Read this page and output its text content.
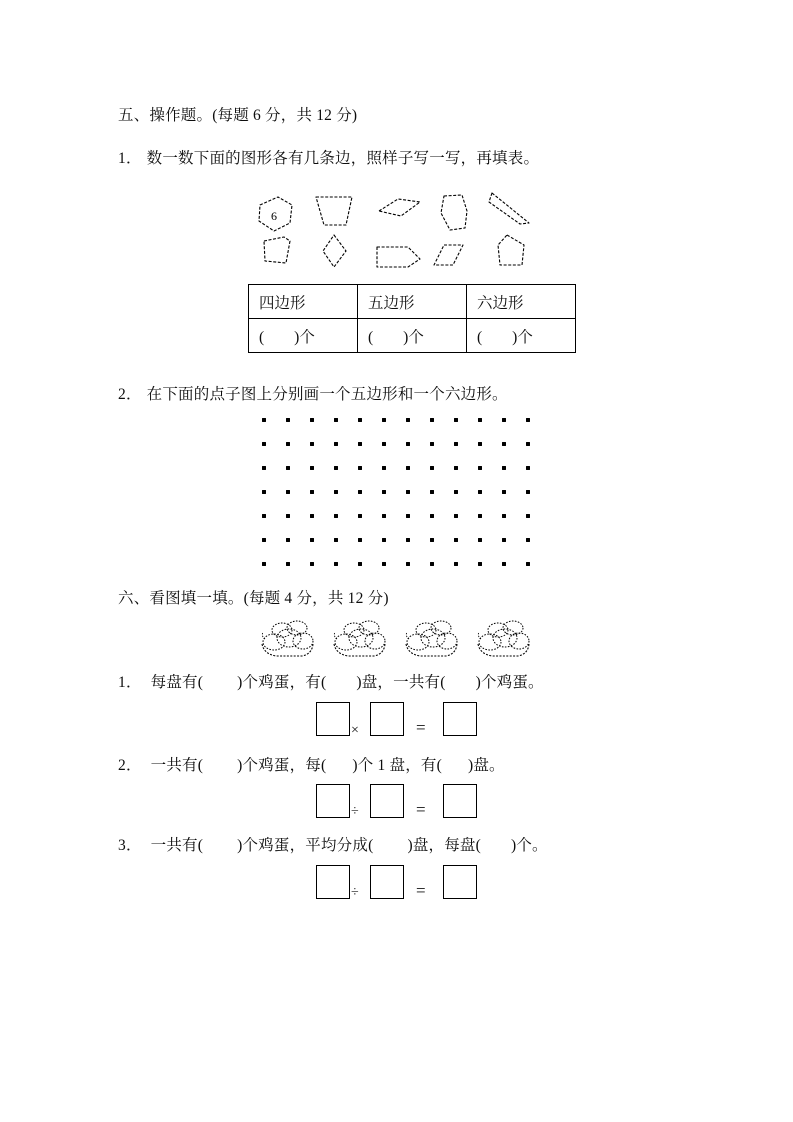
五、操作题。(每题 6 分，共 12 分)
1． 数一数下面的图形各有几条边，照样子写一写，再填表。
6
四边形	五边形	六边形
( )个	( )个	( )个
2． 在下面的点子图上分别画一个五边形和一个六边形。
六、看图填一填。(每题 4 分，共 12 分)
1． 每盘有( )个鸡蛋，有( )盘，一共有( )个鸡蛋。
×	=
2． 一共有( )个鸡蛋，每( )个 1 盘，有( )盘。
÷	=
3． 一共有( )个鸡蛋，平均分成( )盘，每盘( )个。
÷	=
